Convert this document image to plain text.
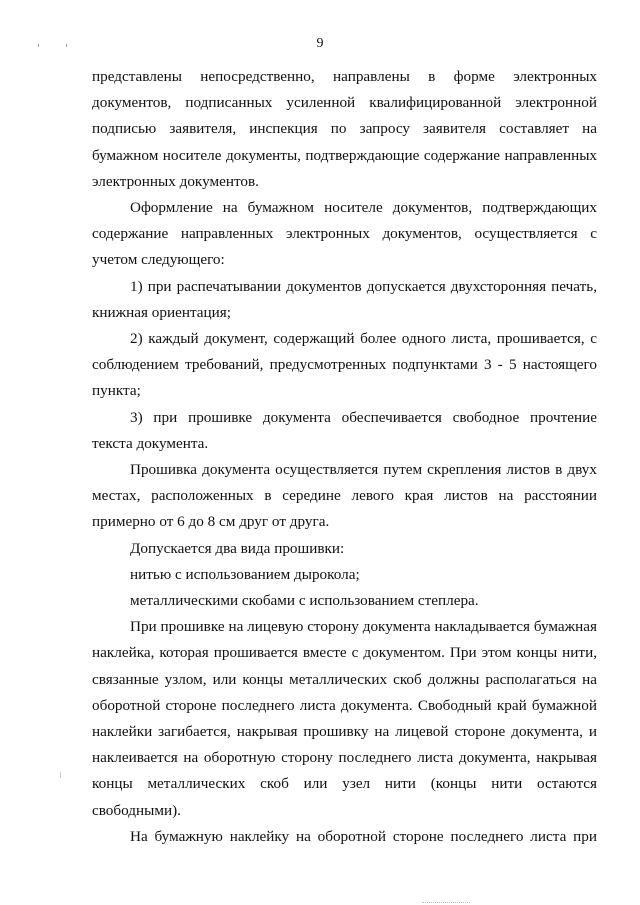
9

представлены непосредственно, направлены в форме электронных документов, подписанных усиленной квалифицированной электронной подписью заявителя, инспекция по запросу заявителя составляет на бумажном носителе документы, подтверждающие содержание направленных электронных документов.

Оформление на бумажном носителе документов, подтверждающих содержание направленных электронных документов, осуществляется с учетом следующего:

1) при распечатывании документов допускается двухсторонняя печать, книжная ориентация;

2) каждый документ, содержащий более одного листа, прошивается, с соблюдением требований, предусмотренных подпунктами 3 - 5 настоящего пункта;

3) при прошивке документа обеспечивается свободное прочтение текста документа.

Прошивка документа осуществляется путем скрепления листов в двух местах, расположенных в середине левого края листов на расстоянии примерно от 6 до 8 см друг от друга.

Допускается два вида прошивки:

нитью с использованием дырокола;

металлическими скобами с использованием степлера.

При прошивке на лицевую сторону документа накладывается бумажная наклейка, которая прошивается вместе с документом. При этом концы нити, связанные узлом, или концы металлических скоб должны располагаться на оборотной стороне последнего листа документа. Свободный край бумажной наклейки загибается, накрывая прошивку на лицевой стороне документа, и наклеивается на оборотную сторону последнего листа документа, накрывая концы металлических скоб или узел нити (концы нити остаются свободными).

На бумажную наклейку на оборотной стороне последнего листа при
